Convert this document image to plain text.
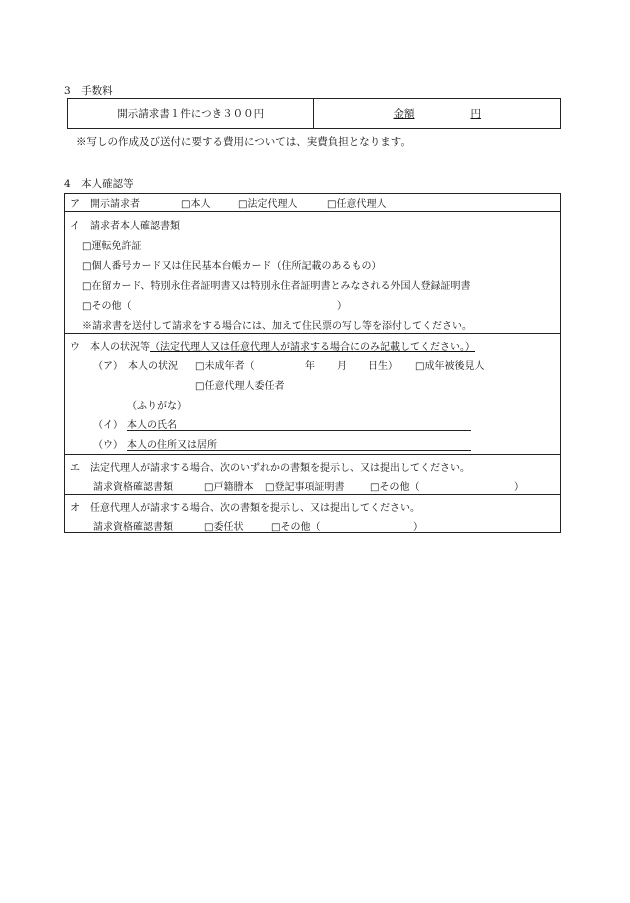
3　手数料
開示請求書１件につき３００円	金額	円
※写しの作成及び送付に要する費用については、実費負担となります。
4　本人確認等
ア　開示請求者	□本人	□法定代理人	□任意代理人
イ　請求者本人確認書類
□運転免許証
□個人番号カード又は住民基本台帳カード（住所記載のあるもの）
□在留カード、特別永住者証明書又は特別永住者証明書とみなされる外国人登録証明書
□その他（	）
※請求書を送付して請求をする場合には、加えて住民票の写し等を添付してください。
ウ　本人の状況等（法定代理人又は任意代理人が請求する場合にのみ記載してください。）
（ア）　本人の状況 □未成年者（	年 月 日生） □成年被後見人
□任意代理人委任者
（ふりがな）
（イ） 本人の氏名
（ウ） 本人の住所又は居所
エ　法定代理人が請求する場合、次のいずれかの書類を提示し、又は提出してください。
請求資格確認書類	□戸籍謄本 □登記事項証明書	□その他（	）
オ　任意代理人が請求する場合、次の書類を提示し、又は提出してください。
請求資格確認書類	□委任状	□その他（	）
